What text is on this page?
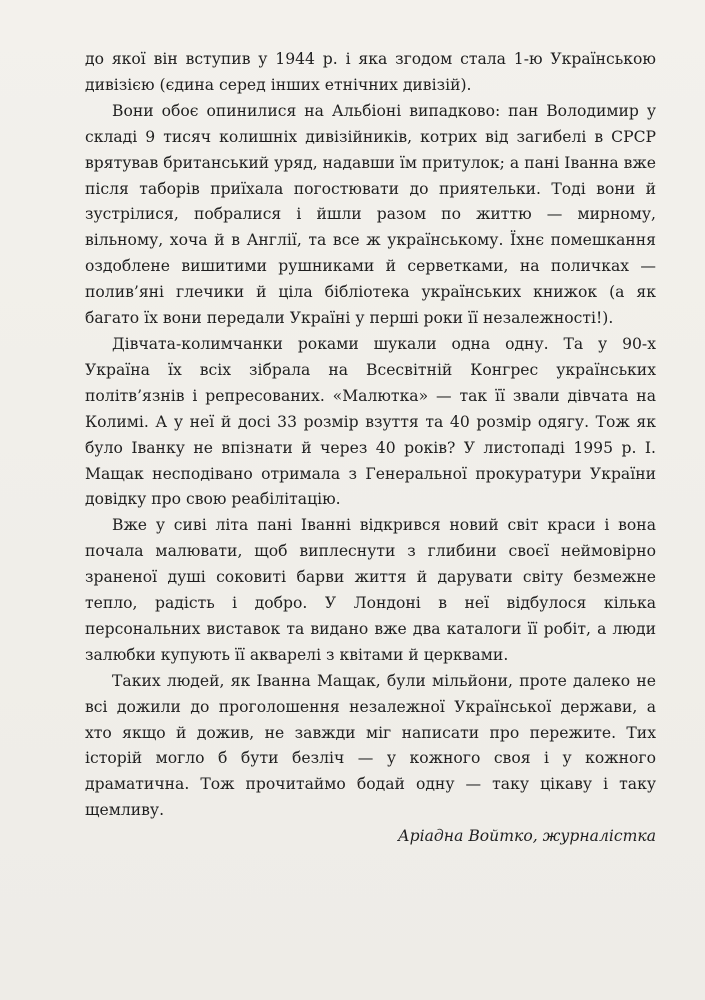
до якої він вступив у 1944 р. і яка згодом стала 1-ю Українською дивізією (єдина серед інших етнічних дивізій).

Вони обоє опинилися на Альбіоні випадково: пан Володимир у складі 9 тисяч колишніх дивізійників, котрих від загибелі в СРСР врятував британський уряд, надавши їм притулок; а пані Іванна вже після таборів приїхала погостювати до приятельки. Тоді вони й зустрілися, побралися і йшли разом по життю — мирному, вільному, хоча й в Англії, та все ж українському. Їхнє помешкання оздоблене вишитими рушниками й серветками, на поличках — полив’яні глечики й ціла бібліотека українських книжок (а як багато їх вони передали Україні у перші роки її незалежності!).

Дівчата-колимчанки роками шукали одна одну. Та у 90-х Україна їх всіх зібрала на Всесвітній Конгрес українських політв’язнів і репресованих. «Малютка» — так її звали дівчата на Колимі. А у неї й досі 33 розмір взуття та 40 розмір одягу. Тож як було Іванку не впізнати й через 40 років? У листопаді 1995 р. І. Мащак несподівано отримала з Генеральної прокуратури України довідку про свою реабілітацію.

Вже у сиві літа пані Іванні відкрився новий світ краси і вона почала малювати, щоб виплеснути з глибини своєї неймовірно зраненої душі соковиті барви життя й дарувати світу безмежне тепло, радість і добро. У Лондоні в неї відбулося кілька персональних виставок та видано вже два каталоги її робіт, а люди залюбки купують її акварелі з квітами й церквами.

Таких людей, як Іванна Мащак, були мільйони, проте далеко не всі дожили до проголошення незалежної Української держави, а хто якщо й дожив, не завжди міг написати про пережите. Тих історій могло б бути безліч — у кожного своя і у кожного драматична. Тож прочитаймо бодай одну — таку цікаву і таку щемливу.

Аріадна Войтко, журналістка
